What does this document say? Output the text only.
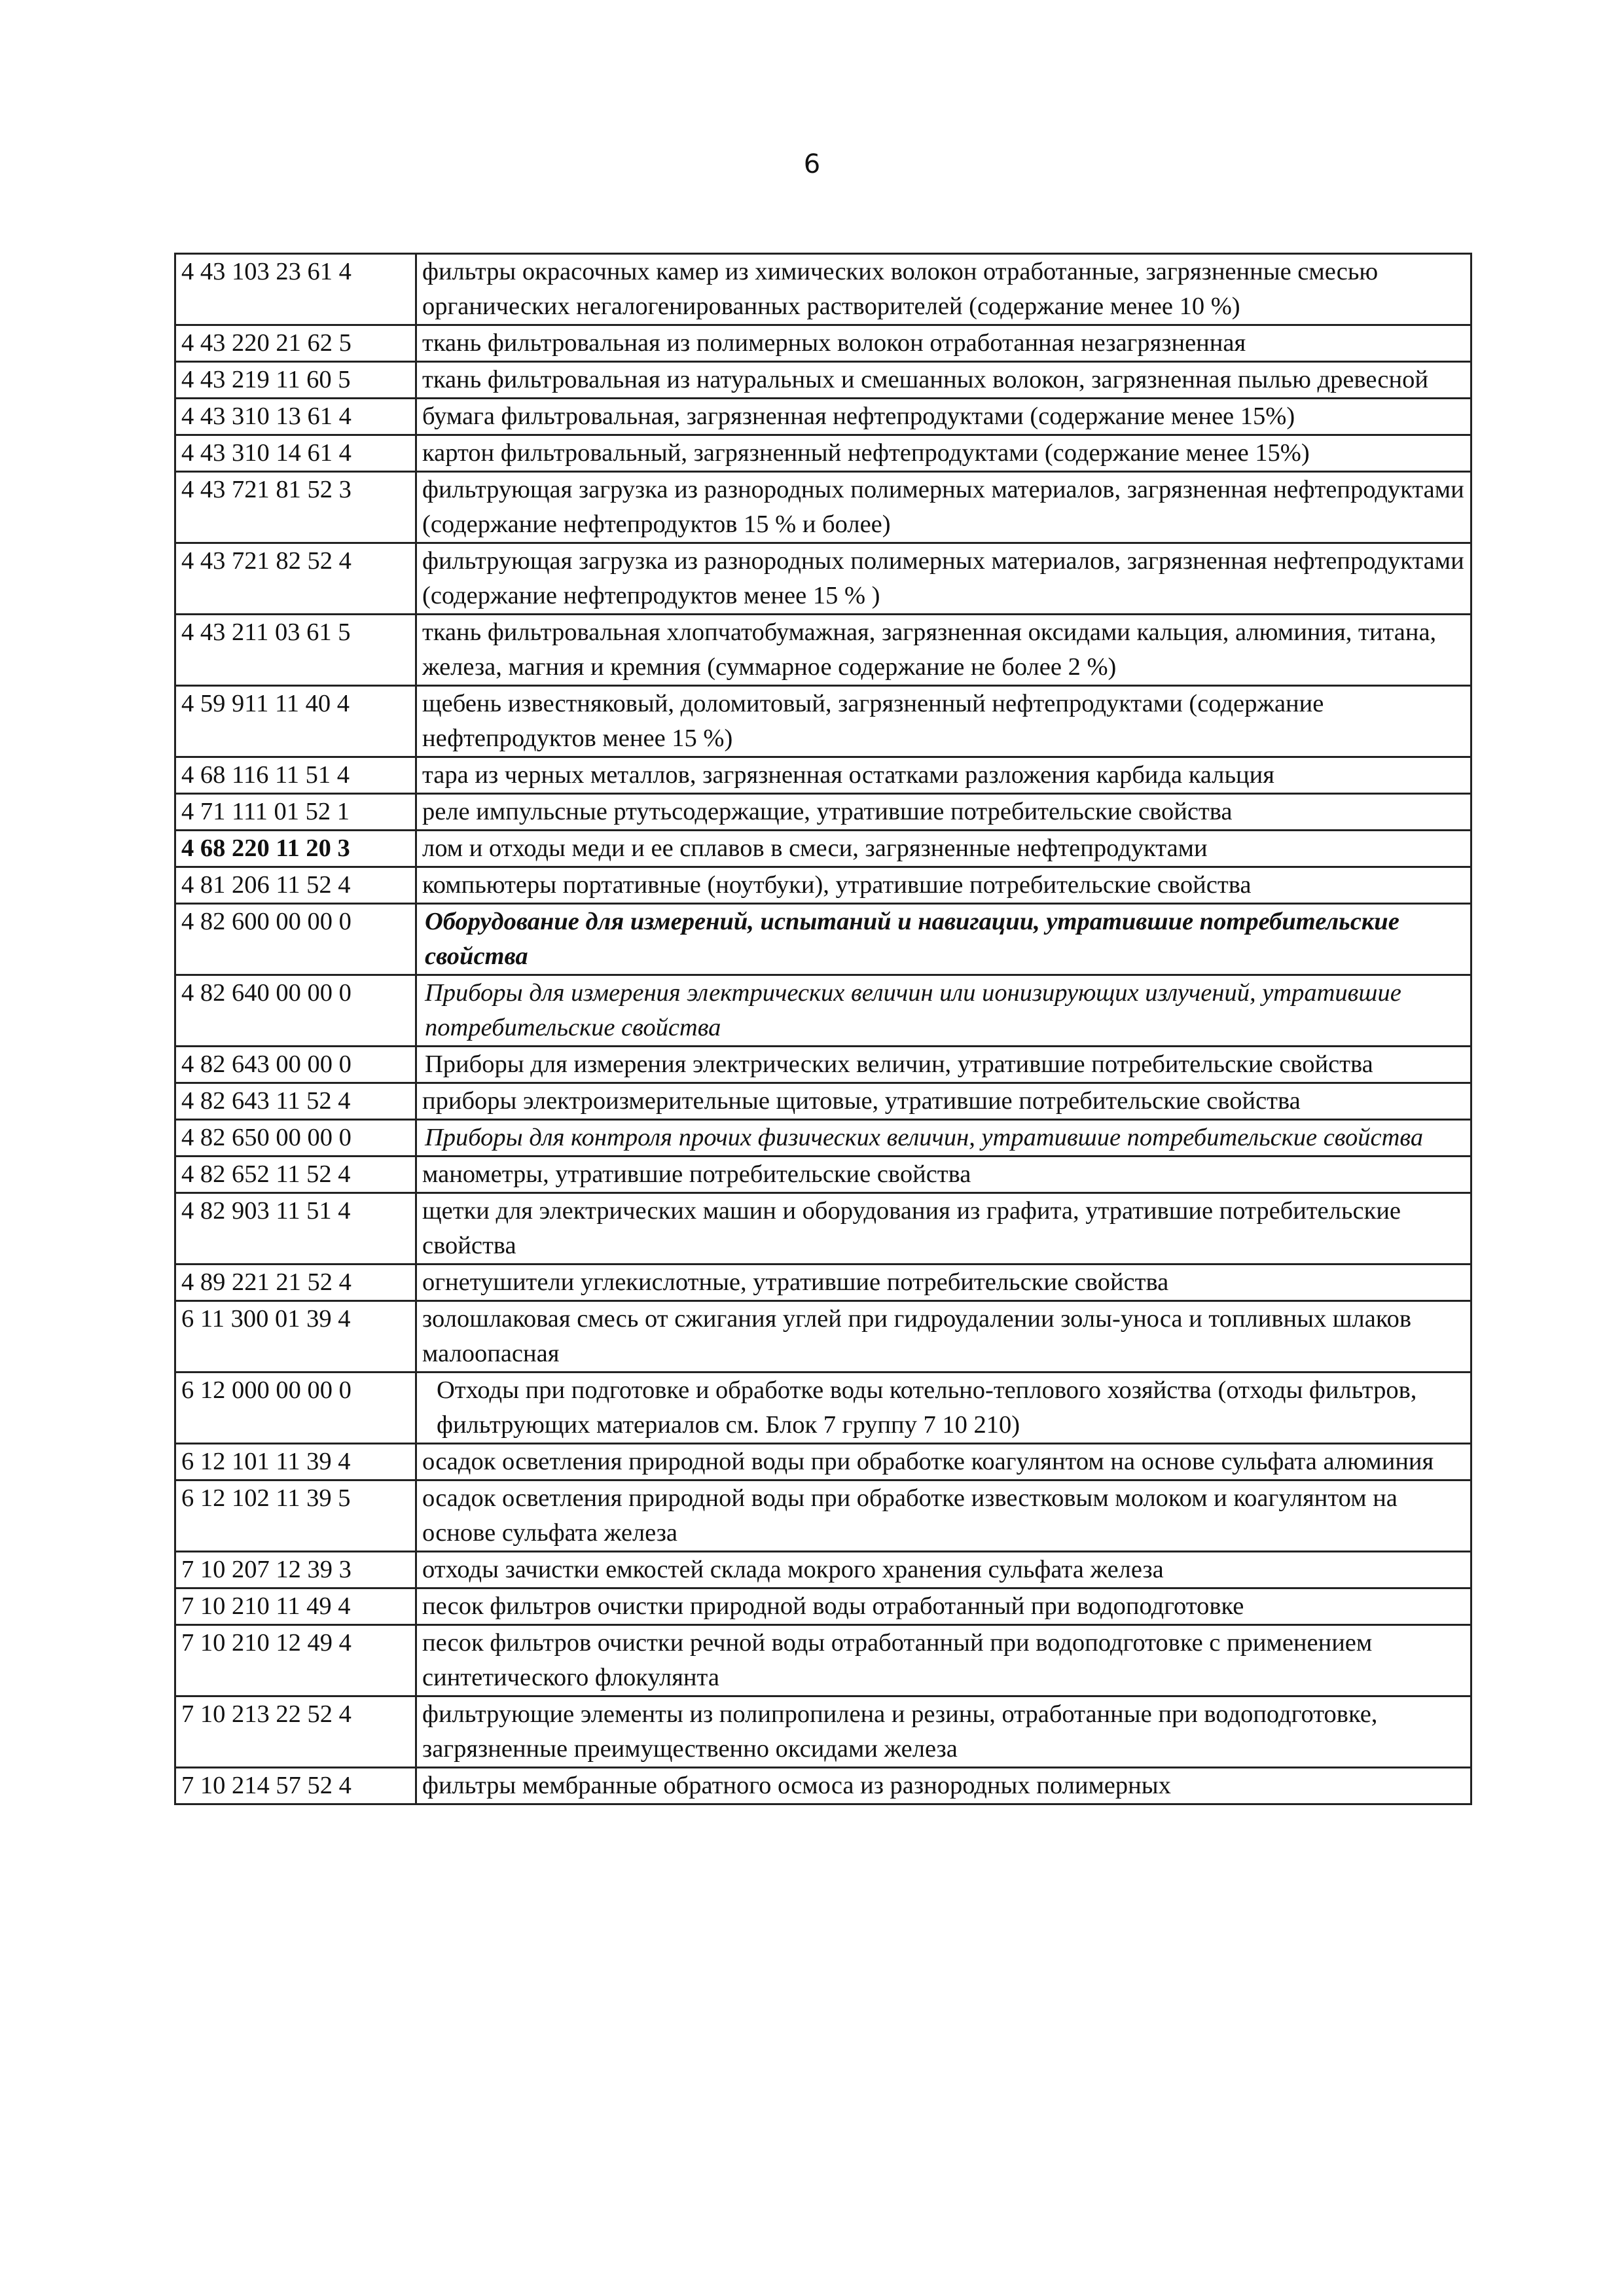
6
4 43 103 23 61 4	фильтры окрасочных камер из химических волокон отработанные, загрязненные смесью органических негалогенированных растворителей (содержание менее 10 %)
4 43 220 21 62 5	ткань фильтровальная из полимерных волокон отработанная незагрязненная
4 43 219 11 60 5	ткань фильтровальная из натуральных и смешанных волокон, загрязненная пылью древесной
4 43 310 13 61 4	бумага фильтровальная, загрязненная нефтепродуктами (содержание менее 15%)
4 43 310 14 61 4	картон фильтровальный, загрязненный нефтепродуктами (содержание менее 15%)
4 43 721 81 52 3	фильтрующая загрузка из разнородных полимерных материалов, загрязненная нефтепродуктами (содержание нефтепродуктов 15 % и более)
4 43 721 82 52 4	фильтрующая загрузка из разнородных полимерных материалов, загрязненная нефтепродуктами (содержание нефтепродуктов менее 15 % )
4 43 211 03 61 5	ткань фильтровальная хлопчатобумажная, загрязненная оксидами кальция, алюминия, титана, железа, магния и кремния (суммарное содержание не более 2 %)
4 59 911 11 40 4	щебень известняковый, доломитовый, загрязненный нефтепродуктами (содержание нефтепродуктов менее 15 %)
4 68 116 11 51 4	тара из черных металлов, загрязненная остатками разложения карбида кальция
4 71 111 01 52 1	реле импульсные ртутьсодержащие, утратившие потребительские свойства
4 68 220 11 20 3	лом и отходы меди и ее сплавов в смеси, загрязненные нефтепродуктами
4 81 206 11 52 4	компьютеры портативные (ноутбуки), утратившие потребительские свойства
4 82 600 00 00 0	Оборудование для измерений, испытаний и навигации, утратившие потребительские свойства
4 82 640 00 00 0	Приборы для измерения электрических величин или ионизирующих излучений, утратившие потребительские свойства
4 82 643 00 00 0	Приборы для измерения электрических величин, утратившие потребительские свойства
4 82 643 11 52 4	приборы электроизмерительные щитовые, утратившие потребительские свойства
4 82 650 00 00 0	Приборы для контроля прочих физических величин, утратившие потребительские свойства
4 82 652 11 52 4	манометры, утратившие потребительские свойства
4 82 903 11 51 4	щетки для электрических машин и оборудования из графита, утратившие потребительские свойства
4 89 221 21 52 4	огнетушители углекислотные, утратившие потребительские свойства
6 11 300 01 39 4	золошлаковая смесь от сжигания углей при гидроудалении золы-уноса и топливных шлаков малоопасная
6 12 000 00 00 0	Отходы при подготовке и обработке воды котельно-теплового хозяйства (отходы фильтров, фильтрующих материалов см. Блок 7 группу 7 10 210)
6 12 101 11 39 4	осадок осветления природной воды при обработке коагулянтом на основе сульфата алюминия
6 12 102 11 39 5	осадок осветления природной воды при обработке известковым молоком и коагулянтом на основе сульфата железа
7 10 207 12 39 3	отходы зачистки емкостей склада мокрого хранения сульфата железа
7 10 210 11 49 4	песок фильтров очистки природной воды отработанный при водоподготовке
7 10 210 12 49 4	песок фильтров очистки речной воды отработанный при водоподготовке с применением синтетического флокулянта
7 10 213 22 52 4	фильтрующие элементы из полипропилена и резины, отработанные при водоподготовке, загрязненные преимущественно оксидами железа
7 10 214 57 52 4	фильтры мембранные обратного осмоса из разнородных полимерных
